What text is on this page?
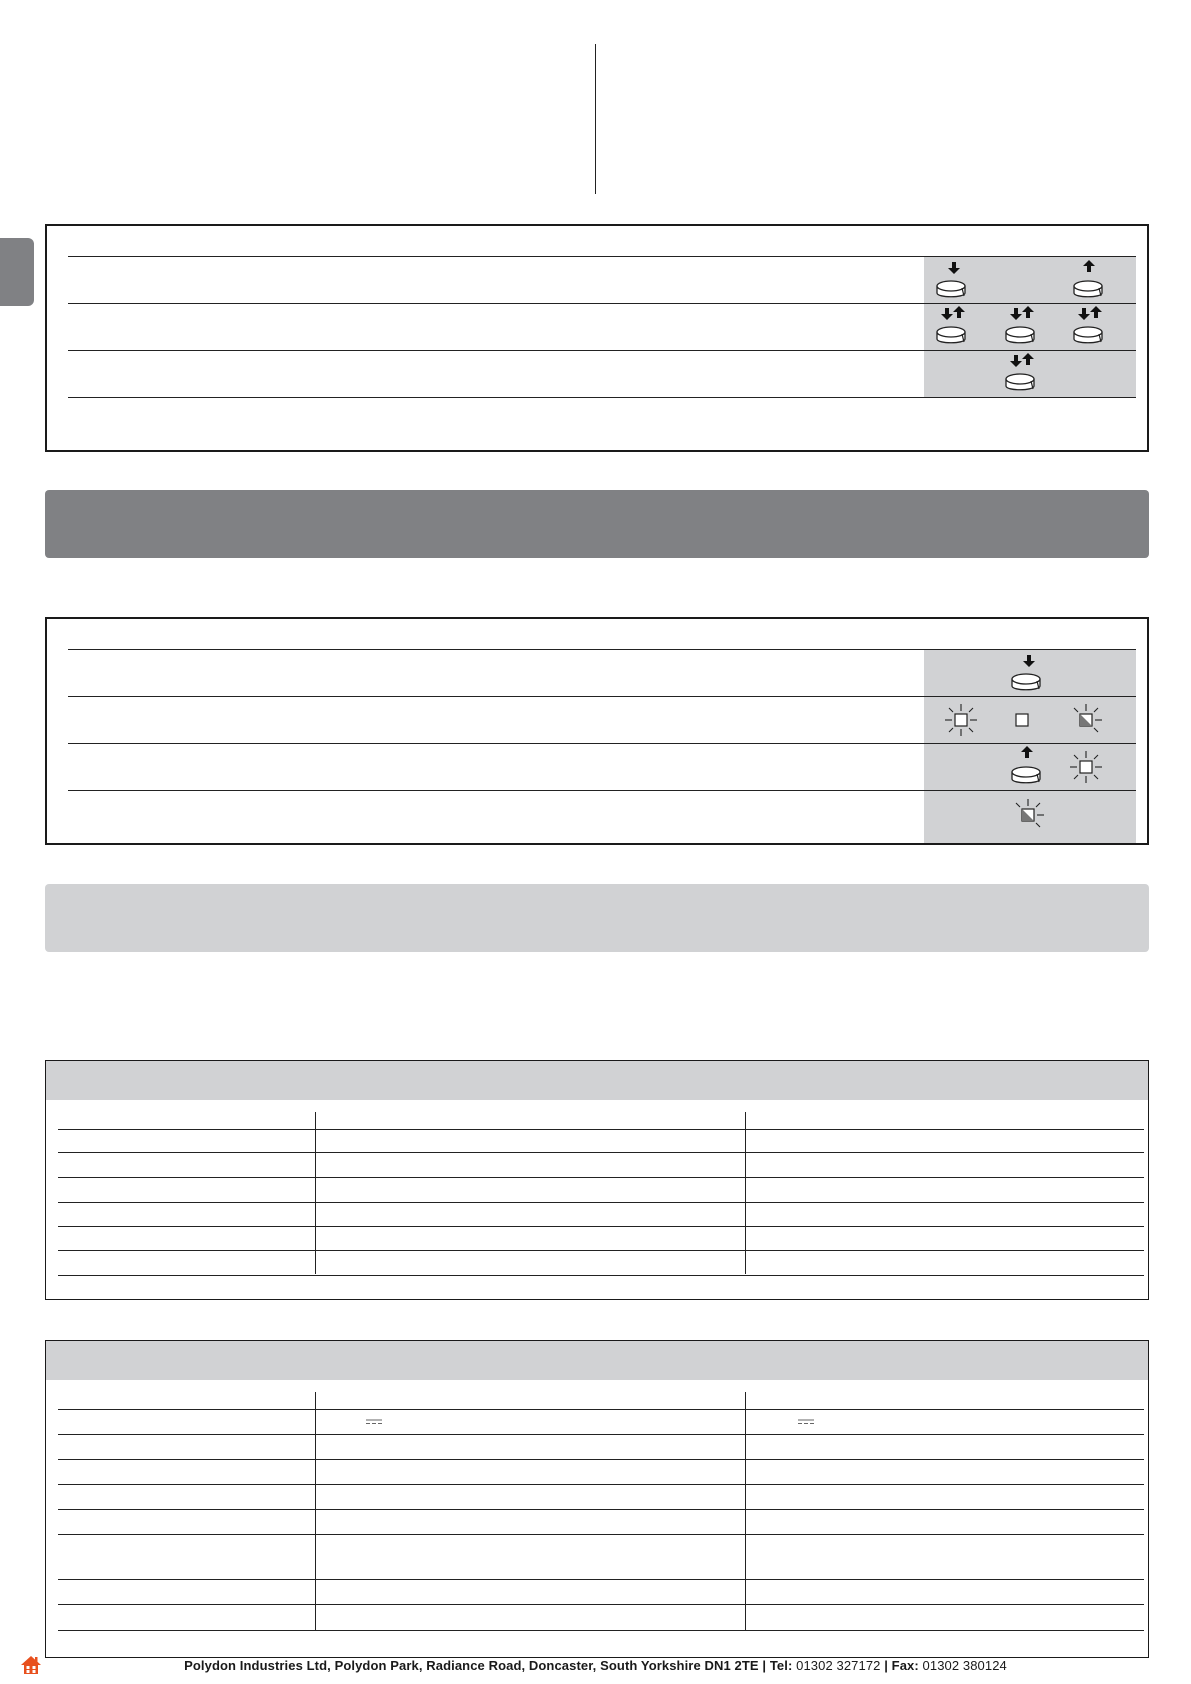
Polydon Industries Ltd, Polydon Park, Radiance Road, Doncaster, South Yorkshire DN1 2TE | Tel: 01302 327172 | Fax: 01302 380124
